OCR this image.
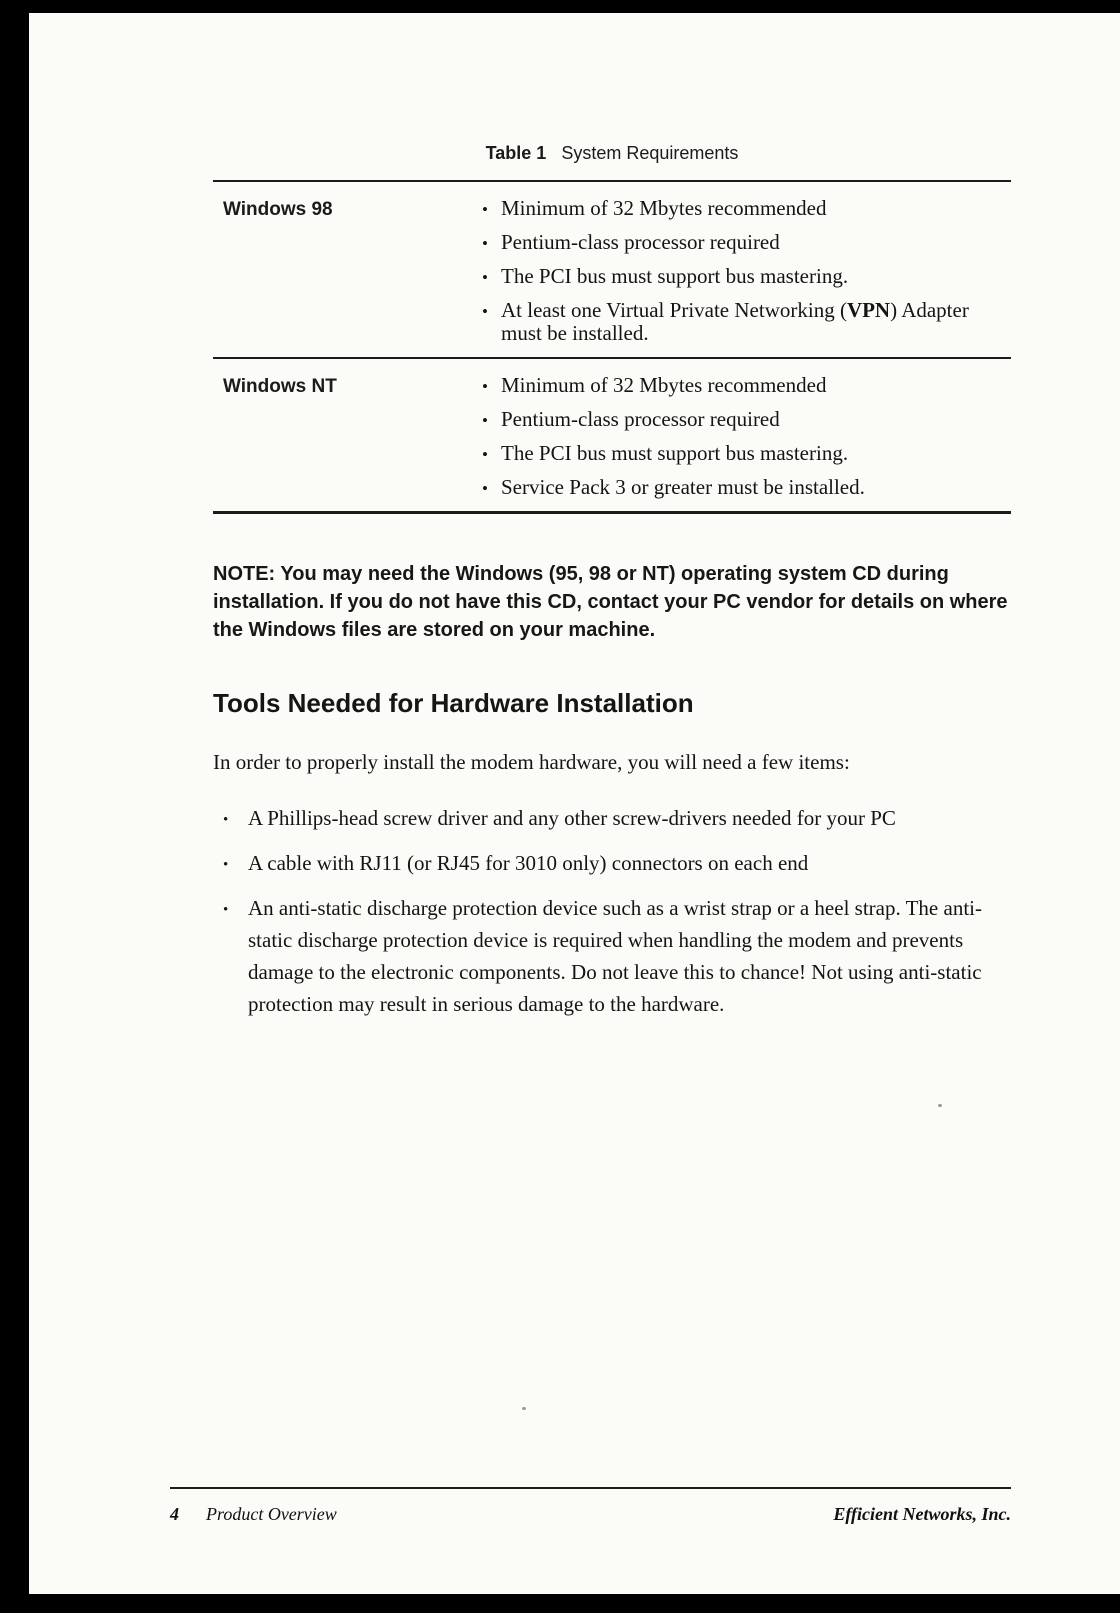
Table 1 System Requirements
Windows 98	• Minimum of 32 Mbytes recommended
• Pentium-class processor required
• The PCI bus must support bus mastering.
• At least one Virtual Private Networking (VPN) Adapter must be installed.
Windows NT	• Minimum of 32 Mbytes recommended
• Pentium-class processor required
• The PCI bus must support bus mastering.
• Service Pack 3 or greater must be installed.

NOTE: You may need the Windows (95, 98 or NT) operating system CD during installation. If you do not have this CD, contact your PC vendor for details on where the Windows files are stored on your machine.

Tools Needed for Hardware Installation

In order to properly install the modem hardware, you will need a few items:

• A Phillips-head screw driver and any other screw-drivers needed for your PC
• A cable with RJ11 (or RJ45 for 3010 only) connectors on each end
• An anti-static discharge protection device such as a wrist strap or a heel strap. The anti-static discharge protection device is required when handling the modem and prevents damage to the electronic components. Do not leave this to chance! Not using anti-static protection may result in serious damage to the hardware.
4 Product Overview	Efficient Networks, Inc.
